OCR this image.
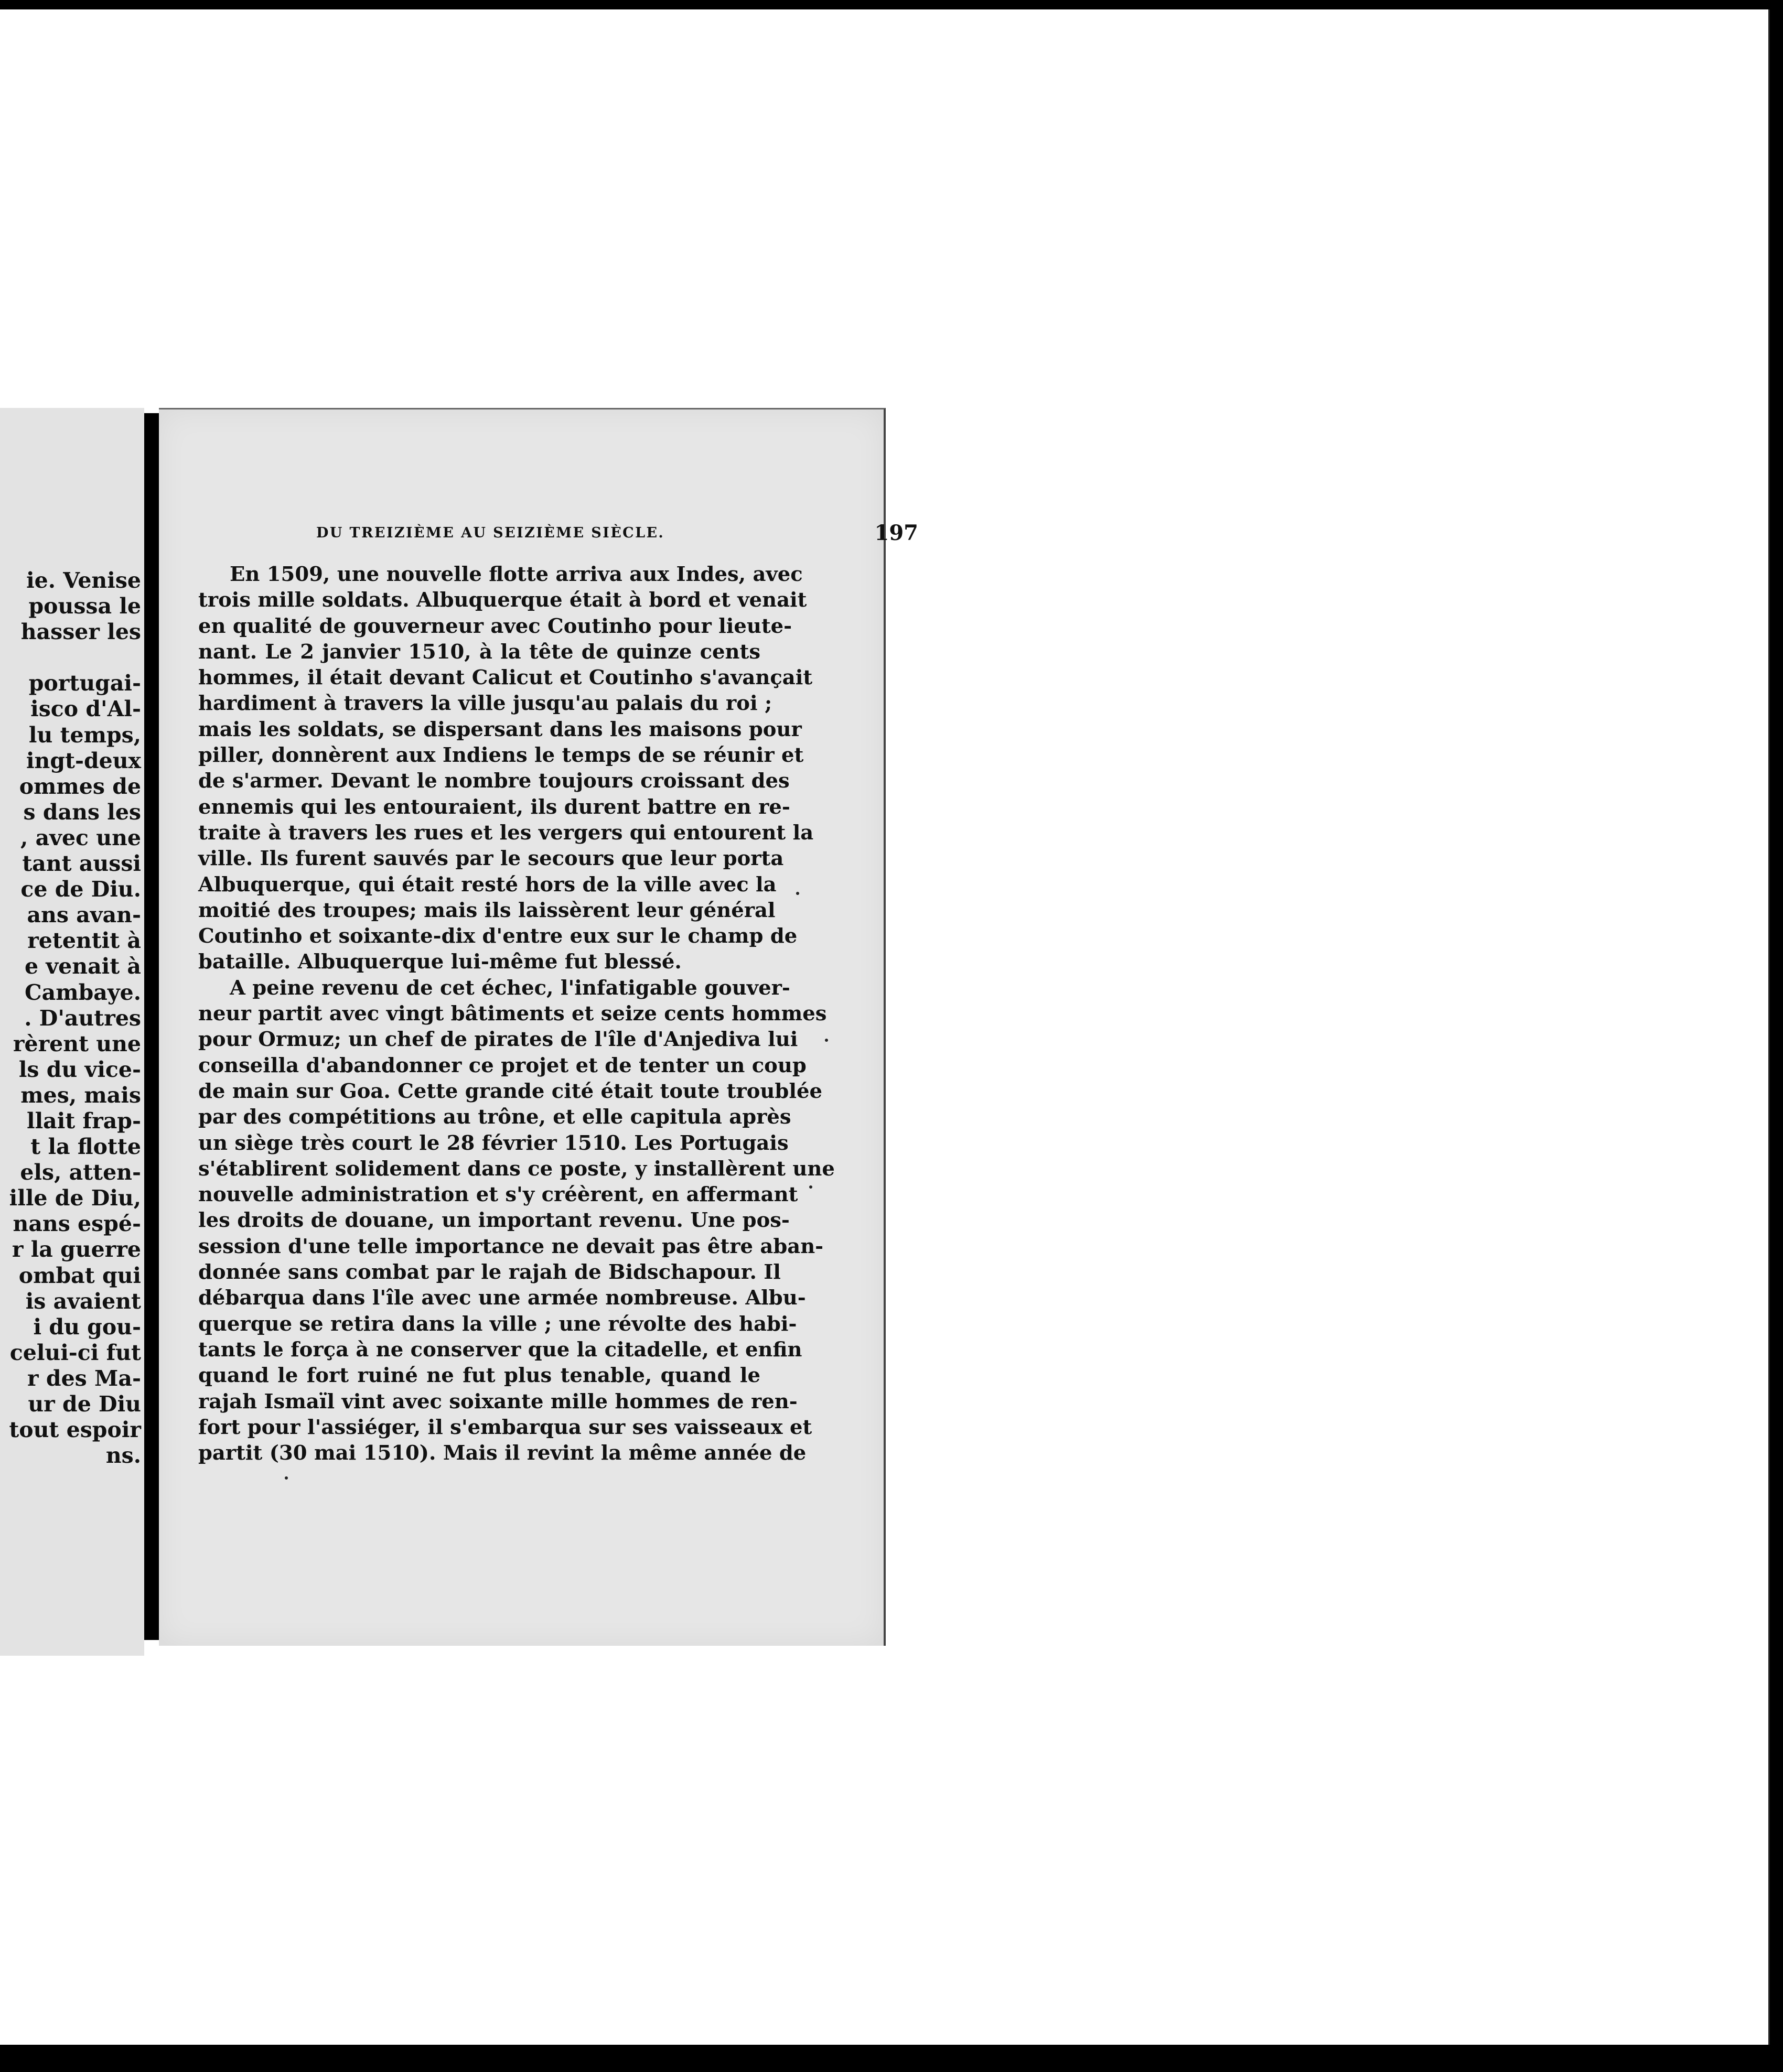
ie. Venise
poussa le
hasser les
portugai-
isco d'Al-
lu temps,
ingt-deux
ommes de
s dans les
, avec une
tant aussi
ce de Diu.
ans avan-
retentit à
e venait à
Cambaye.
. D'autres
rèrent une
ls du vice-
mes, mais
llait frap-
t la flotte
els, atten-
ille de Diu,
nans espé-
r la guerre
ombat qui
is avaient
i du gou-
celui-ci fut
r des Ma-
ur de Diu
tout espoir
ns.
DU TREIZIÈME AU SEIZIÈME SIÈCLE.	197
En 1509, une nouvelle flotte arriva aux Indes, avec
trois mille soldats. Albuquerque était à bord et venait
en qualité de gouverneur avec Coutinho pour lieute-
nant. Le 2 janvier 1510, à la tête de quinze cents
hommes, il était devant Calicut et Coutinho s'avançait
hardiment à travers la ville jusqu'au palais du roi ;
mais les soldats, se dispersant dans les maisons pour
piller, donnèrent aux Indiens le temps de se réunir et
de s'armer. Devant le nombre toujours croissant des
ennemis qui les entouraient, ils durent battre en re-
traite à travers les rues et les vergers qui entourent la
ville. Ils furent sauvés par le secours que leur porta
Albuquerque, qui était resté hors de la ville avec la
moitié des troupes; mais ils laissèrent leur général
Coutinho et soixante-dix d'entre eux sur le champ de
bataille. Albuquerque lui-même fut blessé.
A peine revenu de cet échec, l'infatigable gouver-
neur partit avec vingt bâtiments et seize cents hommes
pour Ormuz; un chef de pirates de l'île d'Anjediva lui
conseilla d'abandonner ce projet et de tenter un coup
de main sur Goa. Cette grande cité était toute troublée
par des compétitions au trône, et elle capitula après
un siège très court le 28 février 1510. Les Portugais
s'établirent solidement dans ce poste, y installèrent une
nouvelle administration et s'y créèrent, en affermant
les droits de douane, un important revenu. Une pos-
session d'une telle importance ne devait pas être aban-
donnée sans combat par le rajah de Bidschapour. Il
débarqua dans l'île avec une armée nombreuse. Albu-
querque se retira dans la ville ; une révolte des habi-
tants le força à ne conserver que la citadelle, et enfin
quand le fort ruiné ne fut plus tenable, quand le
rajah Ismaïl vint avec soixante mille hommes de ren-
fort pour l'assiéger, il s'embarqua sur ses vaisseaux et
partit (30 mai 1510). Mais il revint la même année de
